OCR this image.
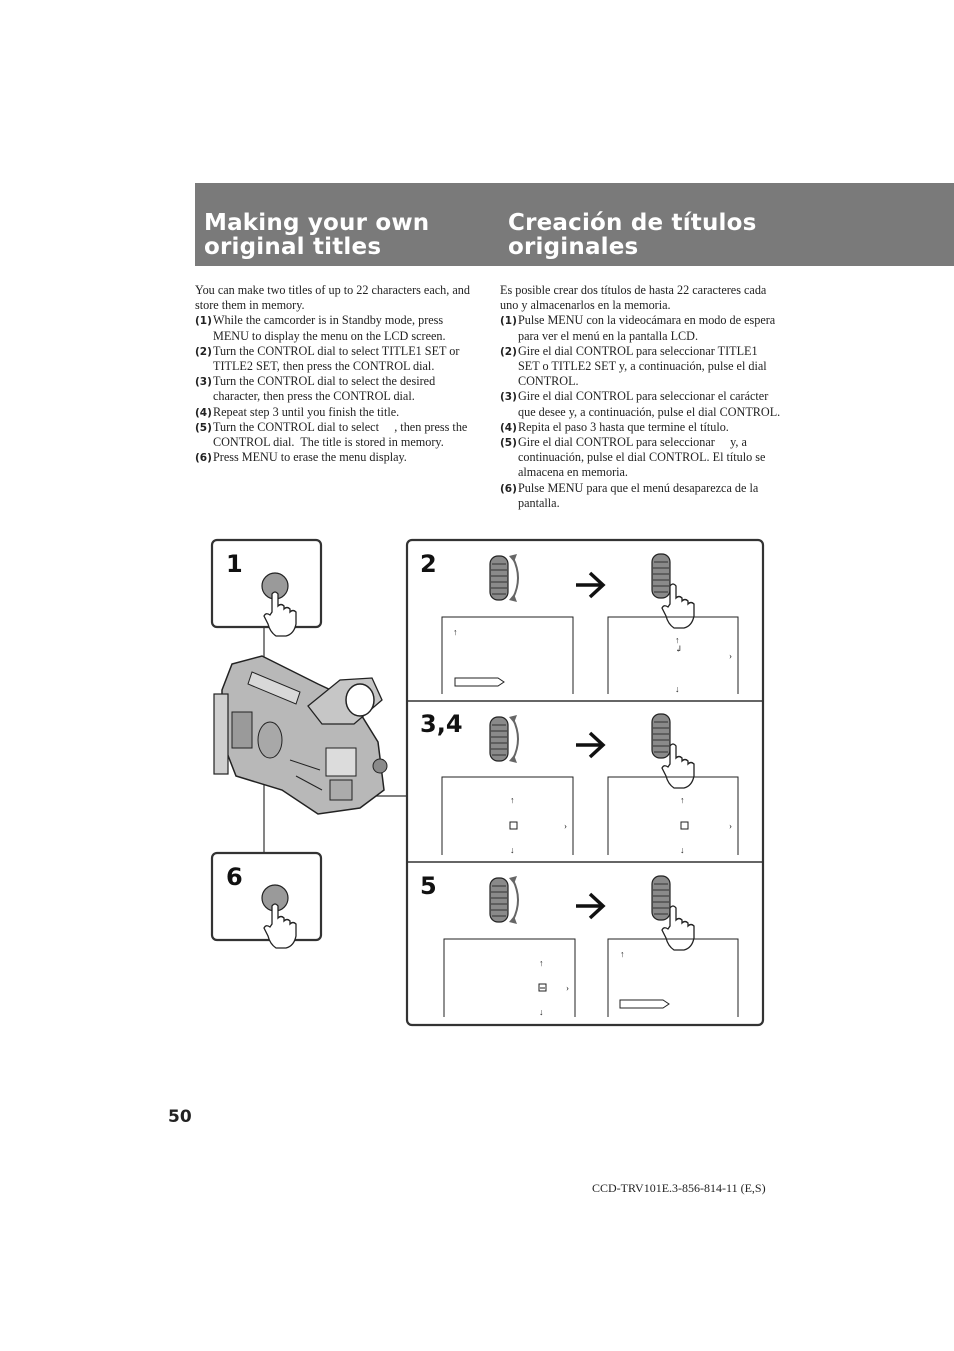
Making your own
original titles
Creación de títulos
originales

You can make two titles of up to 22 characters each, and store them in memory.

(1) While the camcorder is in Standby mode, press MENU to display the menu on the LCD screen.
(2) Turn the CONTROL dial to select TITLE1 SET or TITLE2 SET, then press the CONTROL dial.
(3) Turn the CONTROL dial to select the desired character, then press the CONTROL dial.
(4) Repeat step 3 until you finish the title.
(5) Turn the CONTROL dial to select     , then press the CONTROL dial.  The title is stored in memory.
(6) Press MENU to erase the menu display.

Es posible crear dos títulos de hasta 22 caracteres cada uno y almacenarlos en la memoria.

(1) Pulse MENU con la videocámara en modo de espera para ver el menú en la pantalla LCD.
(2) Gire el dial CONTROL para seleccionar TITLE1 SET o TITLE2 SET y, a continuación, pulse el dial CONTROL.
(3) Gire el dial CONTROL para seleccionar el carácter que desee y, a continuación, pulse el dial CONTROL.
(4) Repita el paso 3 hasta que termine el título.
(5) Gire el dial CONTROL para seleccionar     y, a continuación, pulse el dial CONTROL. El título se almacena en memoria.
(6) Pulse MENU para que el menú desaparezca de la pantalla.
1
6
2
↑
↑
↲
›
↓
3,4
↑
›
↓
↑
›
↓
5
↑
›
↓
↑
50
CCD-TRV101E.3-856-814-11 (E,S)
